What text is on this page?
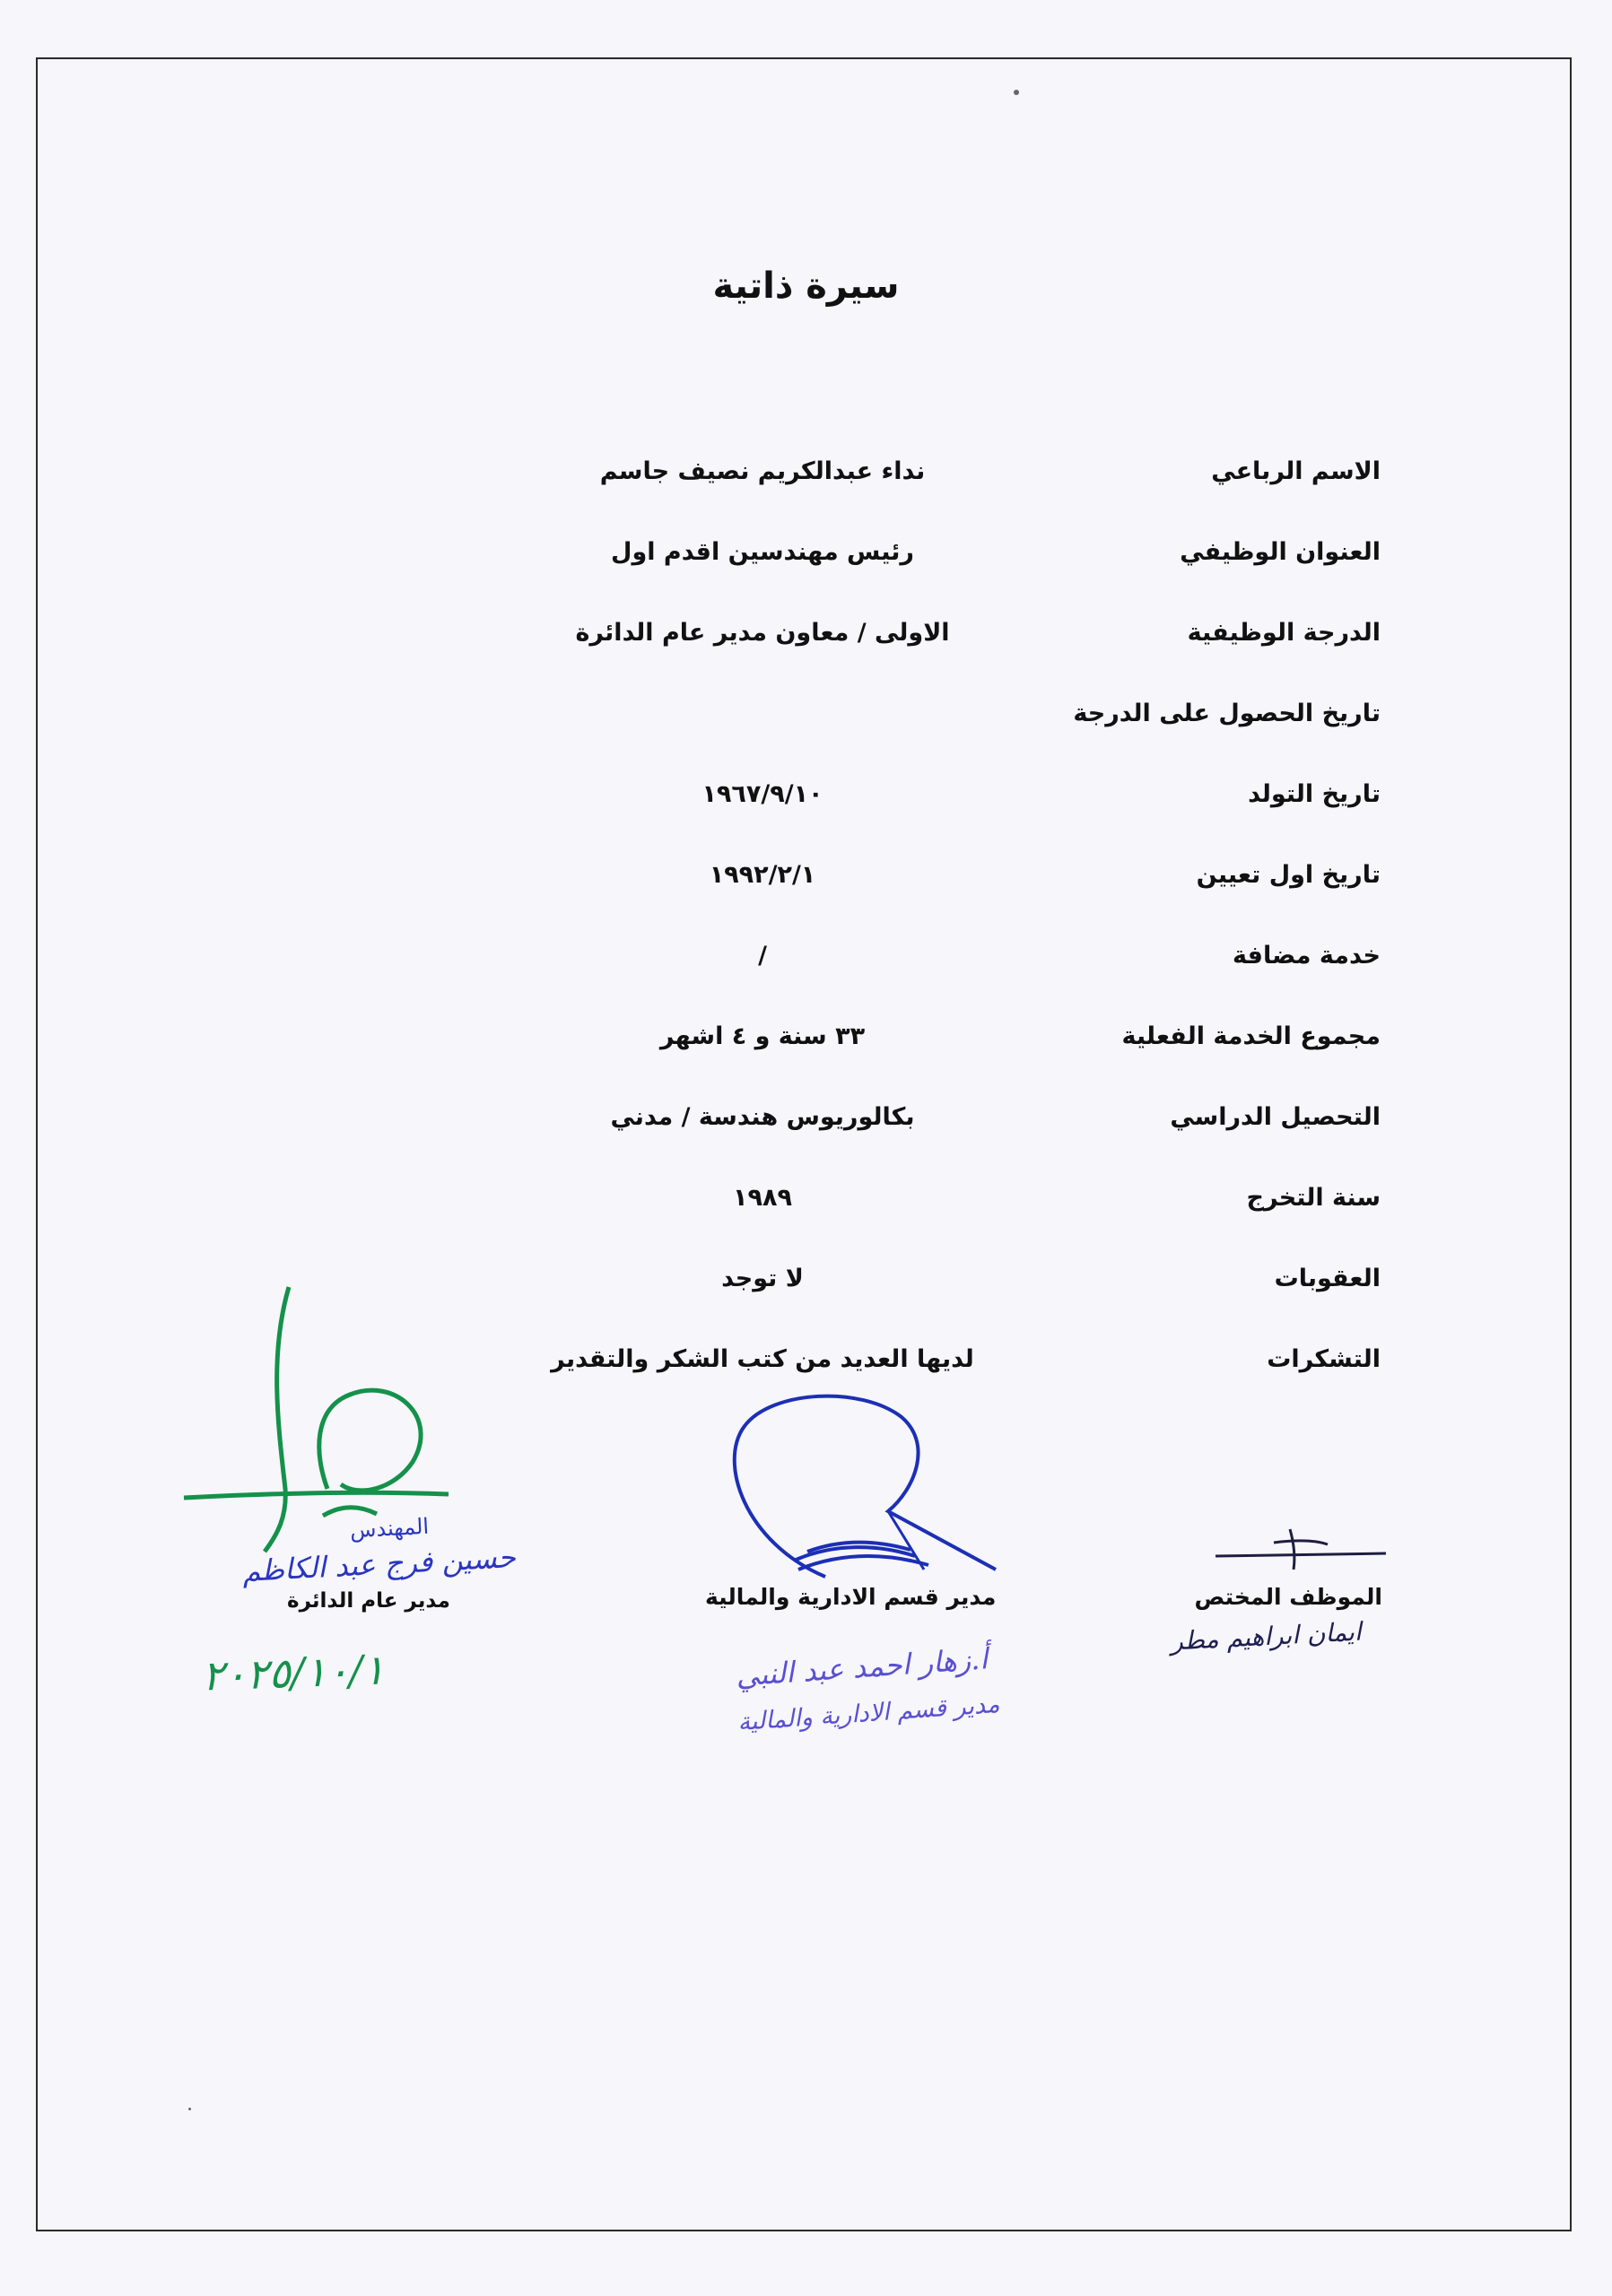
سيرة ذاتية
الاسم الرباعي
نداء عبدالكريم نصيف جاسم
العنوان الوظيفي
رئيس مهندسين اقدم اول
الدرجة الوظيفية
الاولى / معاون مدير عام الدائرة
تاريخ الحصول على الدرجة
تاريخ التولد
١٩٦٧/٩/١٠
تاريخ اول تعيين
١٩٩٢/٢/١
خدمة مضافة
/
مجموع الخدمة الفعلية
٣٣ سنة و ٤ اشهر
التحصيل الدراسي
بكالوريوس هندسة / مدني
سنة التخرج
١٩٨٩
العقوبات
لا توجد
التشكرات
لديها العديد من كتب الشكر والتقدير
الموظف المختص
ايمان ابراهيم مطر
مدير قسم الادارية والمالية
أ.زهار احمد عبد النبي
مدير قسم الادارية والمالية
المهندس
حسين فرج عبد الكاظم
مدير عام الدائرة
٢٠٢٥/١٠/١
